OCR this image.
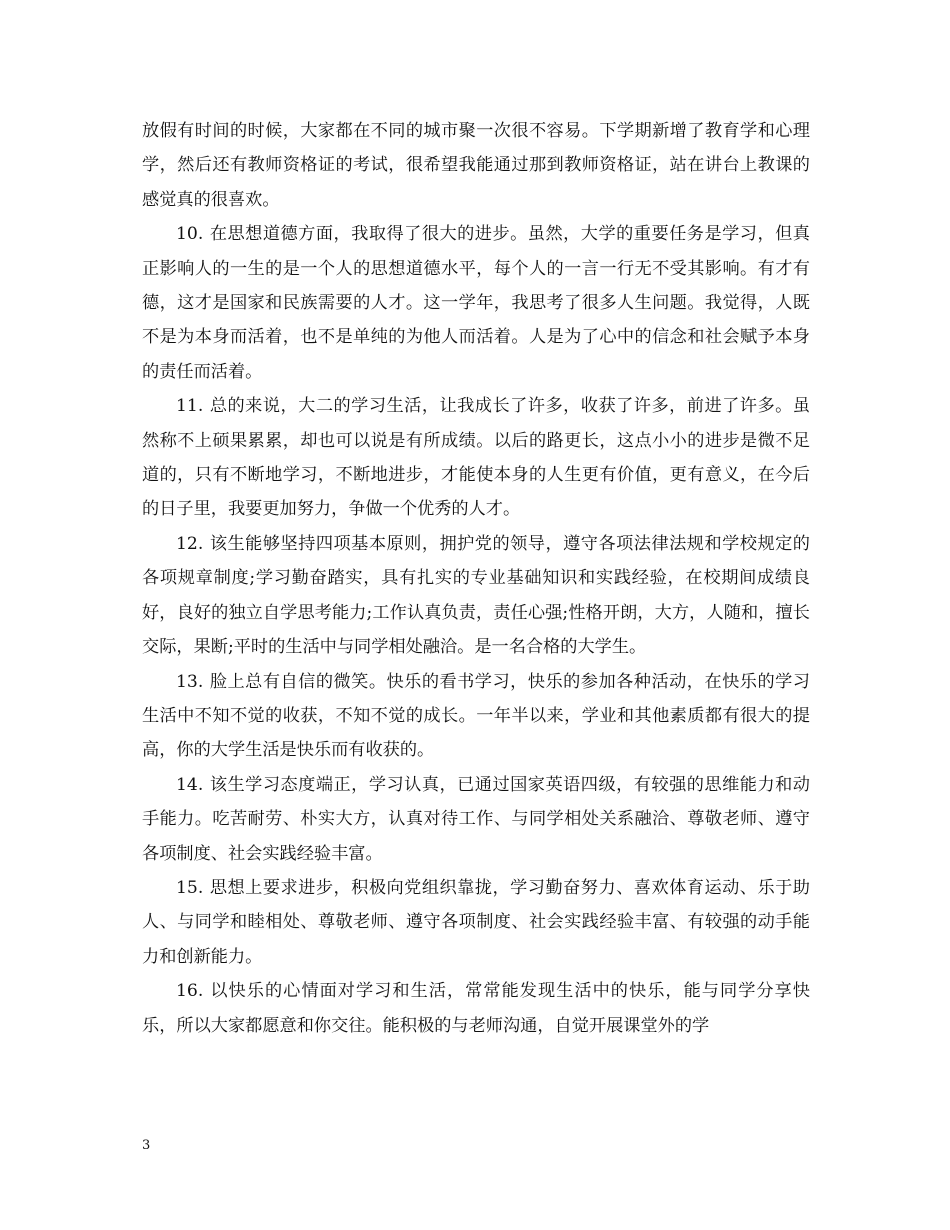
放假有时间的时候，大家都在不同的城市聚一次很不容易。下学期新增了教育学和心理学，然后还有教师资格证的考试，很希望我能通过那到教师资格证，站在讲台上教课的感觉真的很喜欢。

10. 在思想道德方面，我取得了很大的进步。虽然，大学的重要任务是学习，但真正影响人的一生的是一个人的思想道德水平，每个人的一言一行无不受其影响。有才有德，这才是国家和民族需要的人才。这一学年，我思考了很多人生问题。我觉得，人既不是为本身而活着，也不是单纯的为他人而活着。人是为了心中的信念和社会赋予本身的责任而活着。

11. 总的来说，大二的学习生活，让我成长了许多，收获了许多，前进了许多。虽然称不上硕果累累，却也可以说是有所成绩。以后的路更长，这点小小的进步是微不足道的，只有不断地学习，不断地进步，才能使本身的人生更有价值，更有意义，在今后的日子里，我要更加努力，争做一个优秀的人才。

12. 该生能够坚持四项基本原则，拥护党的领导，遵守各项法律法规和学校规定的各项规章制度;学习勤奋踏实，具有扎实的专业基础知识和实践经验，在校期间成绩良好，良好的独立自学思考能力;工作认真负责，责任心强;性格开朗，大方，人随和，擅长交际，果断;平时的生活中与同学相处融洽。是一名合格的大学生。

13. 脸上总有自信的微笑。快乐的看书学习，快乐的参加各种活动，在快乐的学习生活中不知不觉的收获，不知不觉的成长。一年半以来，学业和其他素质都有很大的提高，你的大学生活是快乐而有收获的。

14. 该生学习态度端正，学习认真，已通过国家英语四级，有较强的思维能力和动手能力。吃苦耐劳、朴实大方，认真对待工作、与同学相处关系融洽、尊敬老师、遵守各项制度、社会实践经验丰富。

15. 思想上要求进步，积极向党组织靠拢，学习勤奋努力、喜欢体育运动、乐于助人、与同学和睦相处、尊敬老师、遵守各项制度、社会实践经验丰富、有较强的动手能力和创新能力。

16. 以快乐的心情面对学习和生活，常常能发现生活中的快乐，能与同学分享快乐，所以大家都愿意和你交往。能积极的与老师沟通，自觉开展课堂外的学

3
